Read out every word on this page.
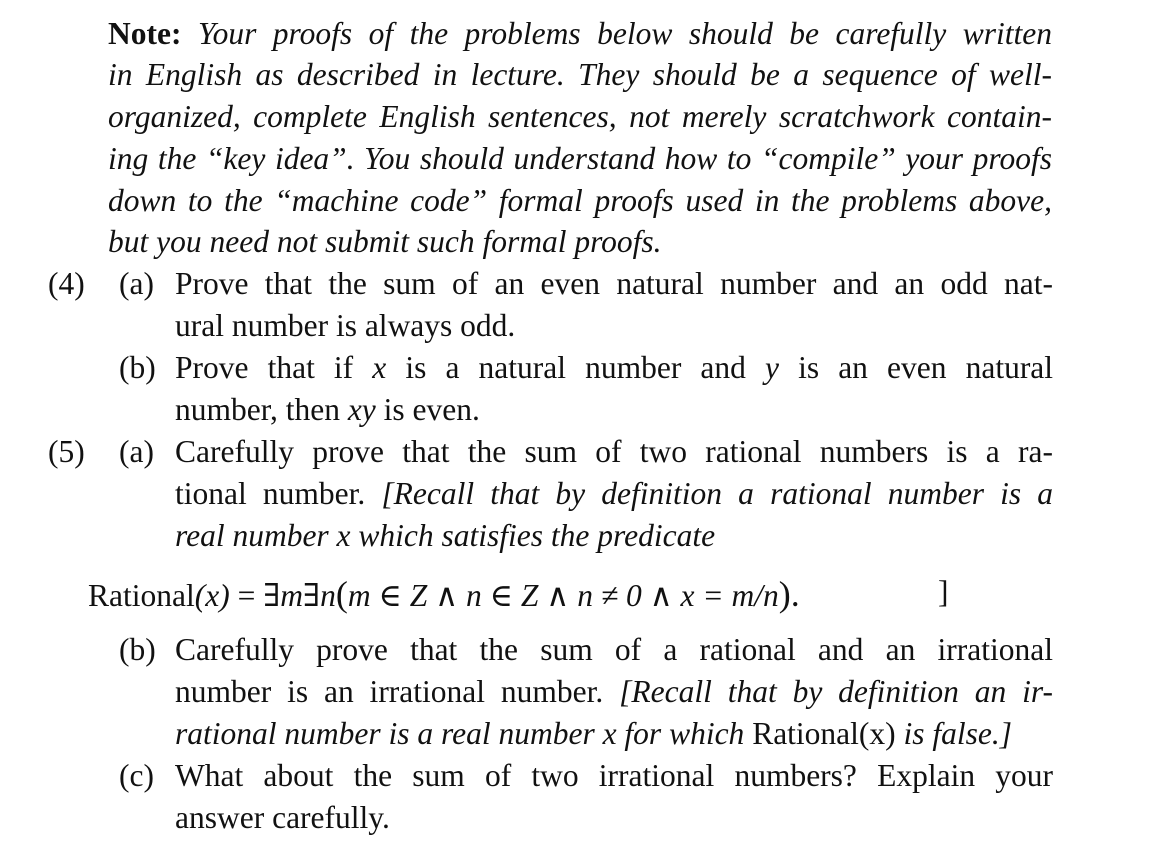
Note: Your proofs of the problems below should be carefully written
in English as described in lecture. They should be a sequence of well-
organized, complete English sentences, not merely scratchwork contain-
ing the “key idea”. You should understand how to “compile” your proofs
down to the “machine code” formal proofs used in the problems above,
but you need not submit such formal proofs.
(4) (a) Prove that the sum of an even natural number and an odd nat-
ural number is always odd.
(b) Prove that if x is a natural number and y is an even natural
number, then xy is even.
(5) (a) Carefully prove that the sum of two rational numbers is a ra-
tional number. [Recall that by definition a rational number is a
real number x which satisfies the predicate
Rational(x) = ∃m∃n(m ∈ Z ∧ n ∈ Z ∧ n ≠ 0 ∧ x = m/n).	]
(b) Carefully prove that the sum of a rational and an irrational
number is an irrational number. [Recall that by definition an ir-
rational number is a real number x for which Rational(x) is false.]
(c) What about the sum of two irrational numbers? Explain your
answer carefully.
